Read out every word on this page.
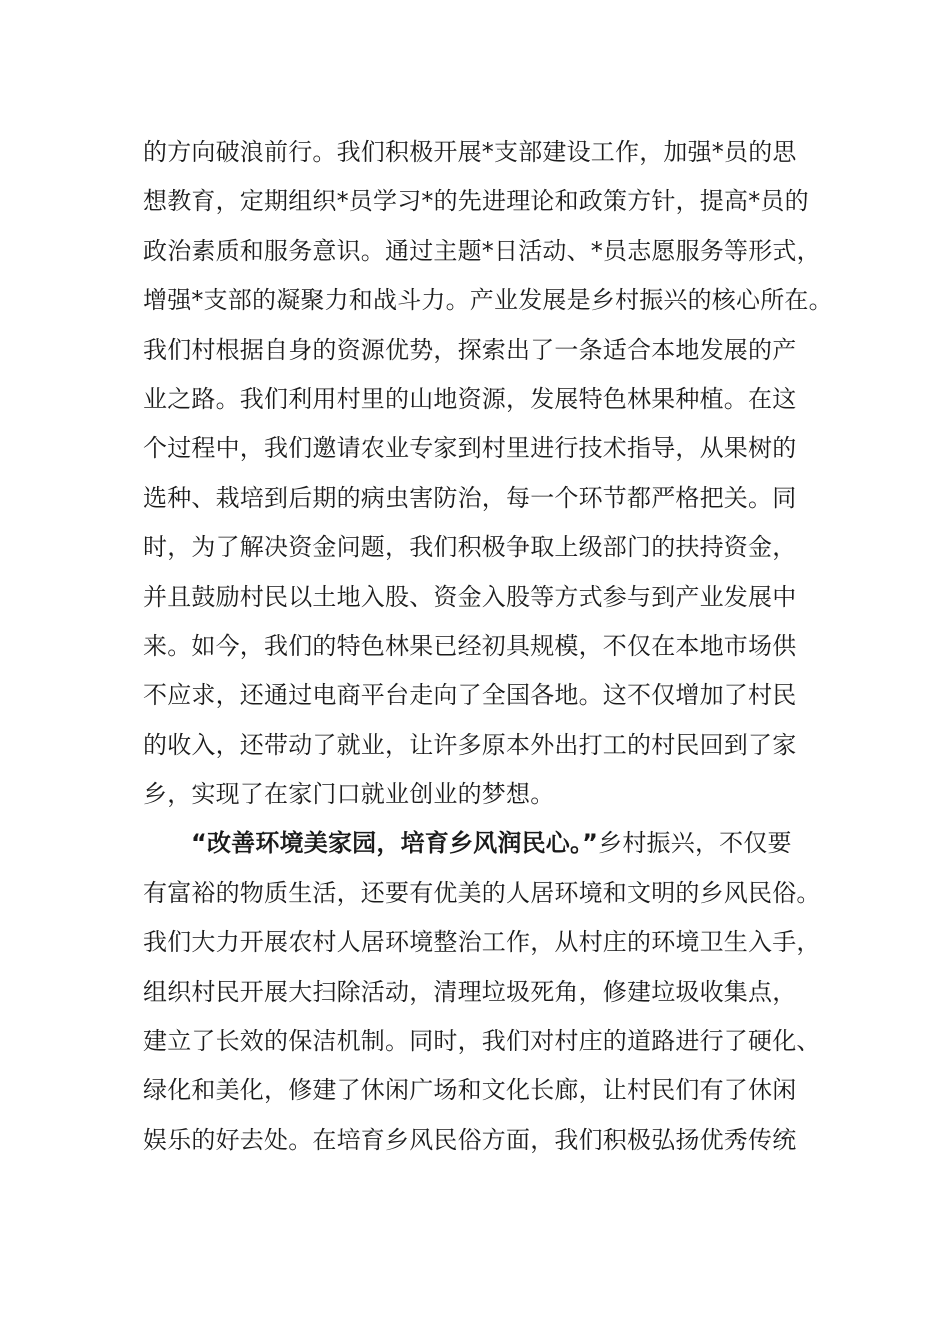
的方向破浪前行。我们积极开展*支部建设工作，加强*员的思
想教育，定期组织*员学习*的先进理论和政策方针，提高*员的
政治素质和服务意识。通过主题*日活动、*员志愿服务等形式，
增强*支部的凝聚力和战斗力。产业发展是乡村振兴的核心所在。
我们村根据自身的资源优势，探索出了一条适合本地发展的产
业之路。我们利用村里的山地资源，发展特色林果种植。在这
个过程中，我们邀请农业专家到村里进行技术指导，从果树的
选种、栽培到后期的病虫害防治，每一个环节都严格把关。同
时，为了解决资金问题，我们积极争取上级部门的扶持资金，
并且鼓励村民以土地入股、资金入股等方式参与到产业发展中
来。如今，我们的特色林果已经初具规模，不仅在本地市场供
不应求，还通过电商平台走向了全国各地。这不仅增加了村民
的收入，还带动了就业，让许多原本外出打工的村民回到了家
乡，实现了在家门口就业创业的梦想。
“改善环境美家园，培育乡风润民心。”乡村振兴，不仅要
有富裕的物质生活，还要有优美的人居环境和文明的乡风民俗。
我们大力开展农村人居环境整治工作，从村庄的环境卫生入手，
组织村民开展大扫除活动，清理垃圾死角，修建垃圾收集点，
建立了长效的保洁机制。同时，我们对村庄的道路进行了硬化、
绿化和美化，修建了休闲广场和文化长廊，让村民们有了休闲
娱乐的好去处。在培育乡风民俗方面，我们积极弘扬优秀传统
